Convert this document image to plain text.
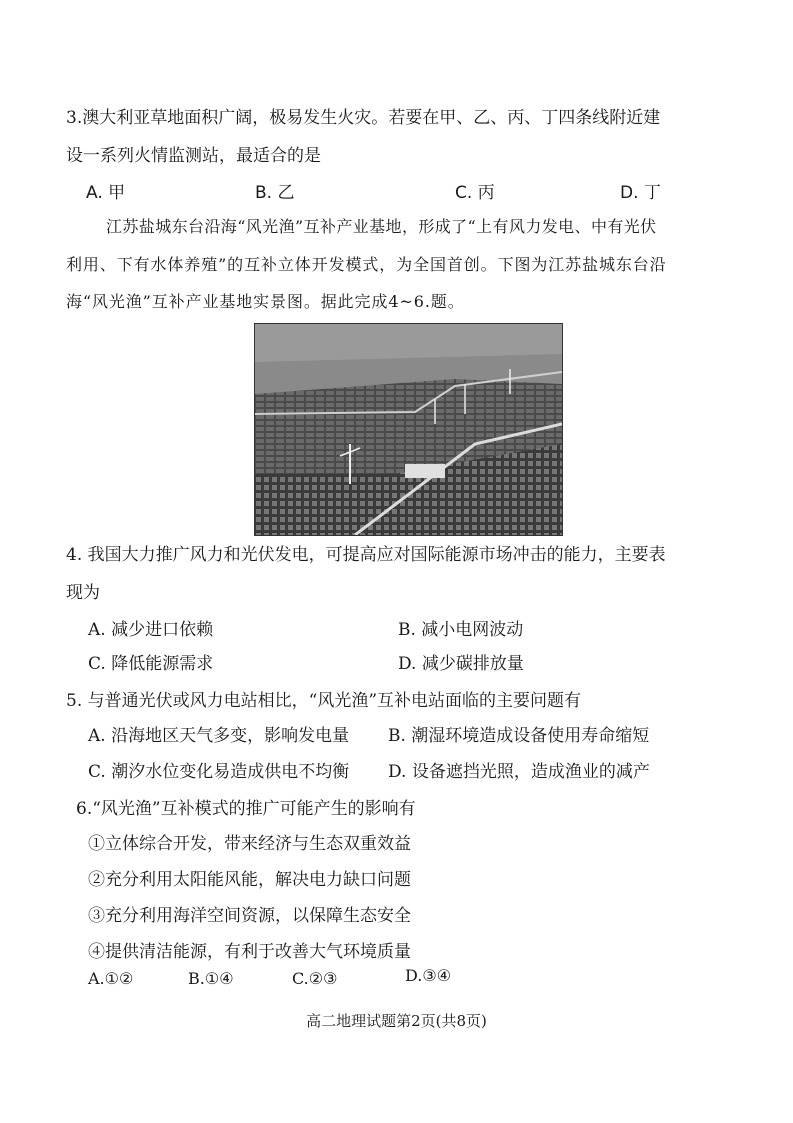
3.澳大利亚草地面积广阔，极易发生火灾。若要在甲、乙、丙、丁四条线附近建
设一系列火情监测站，最适合的是
A. 甲	B. 乙	C. 丙	D. 丁
江苏盐城东台沿海“风光渔”互补产业基地，形成了“上有风力发电、中有光伏
利用、下有水体养殖”的互补立体开发模式，为全国首创。下图为江苏盐城东台沿
海“风光渔”互补产业基地实景图。据此完成4~6.题。
4. 我国大力推广风力和光伏发电，可提高应对国际能源市场冲击的能力，主要表
现为
A. 减少进口依赖	B. 减小电网波动
C. 降低能源需求	D. 减少碳排放量
5. 与普通光伏或风力电站相比，“风光渔”互补电站面临的主要问题有
A. 沿海地区天气多变，影响发电量 B. 潮湿环境造成设备使用寿命缩短
C. 潮汐水位变化易造成供电不均衡 D. 设备遮挡光照，造成渔业的减产
6.“风光渔”互补模式的推广可能产生的影响有
①立体综合开发，带来经济与生态双重效益
②充分利用太阳能风能，解决电力缺口问题
③充分利用海洋空间资源，以保障生态安全
④提供清洁能源，有利于改善大气环境质量
A.①②	B.①④	C.②③	D.③④
高二地理试题第2页(共8页)
